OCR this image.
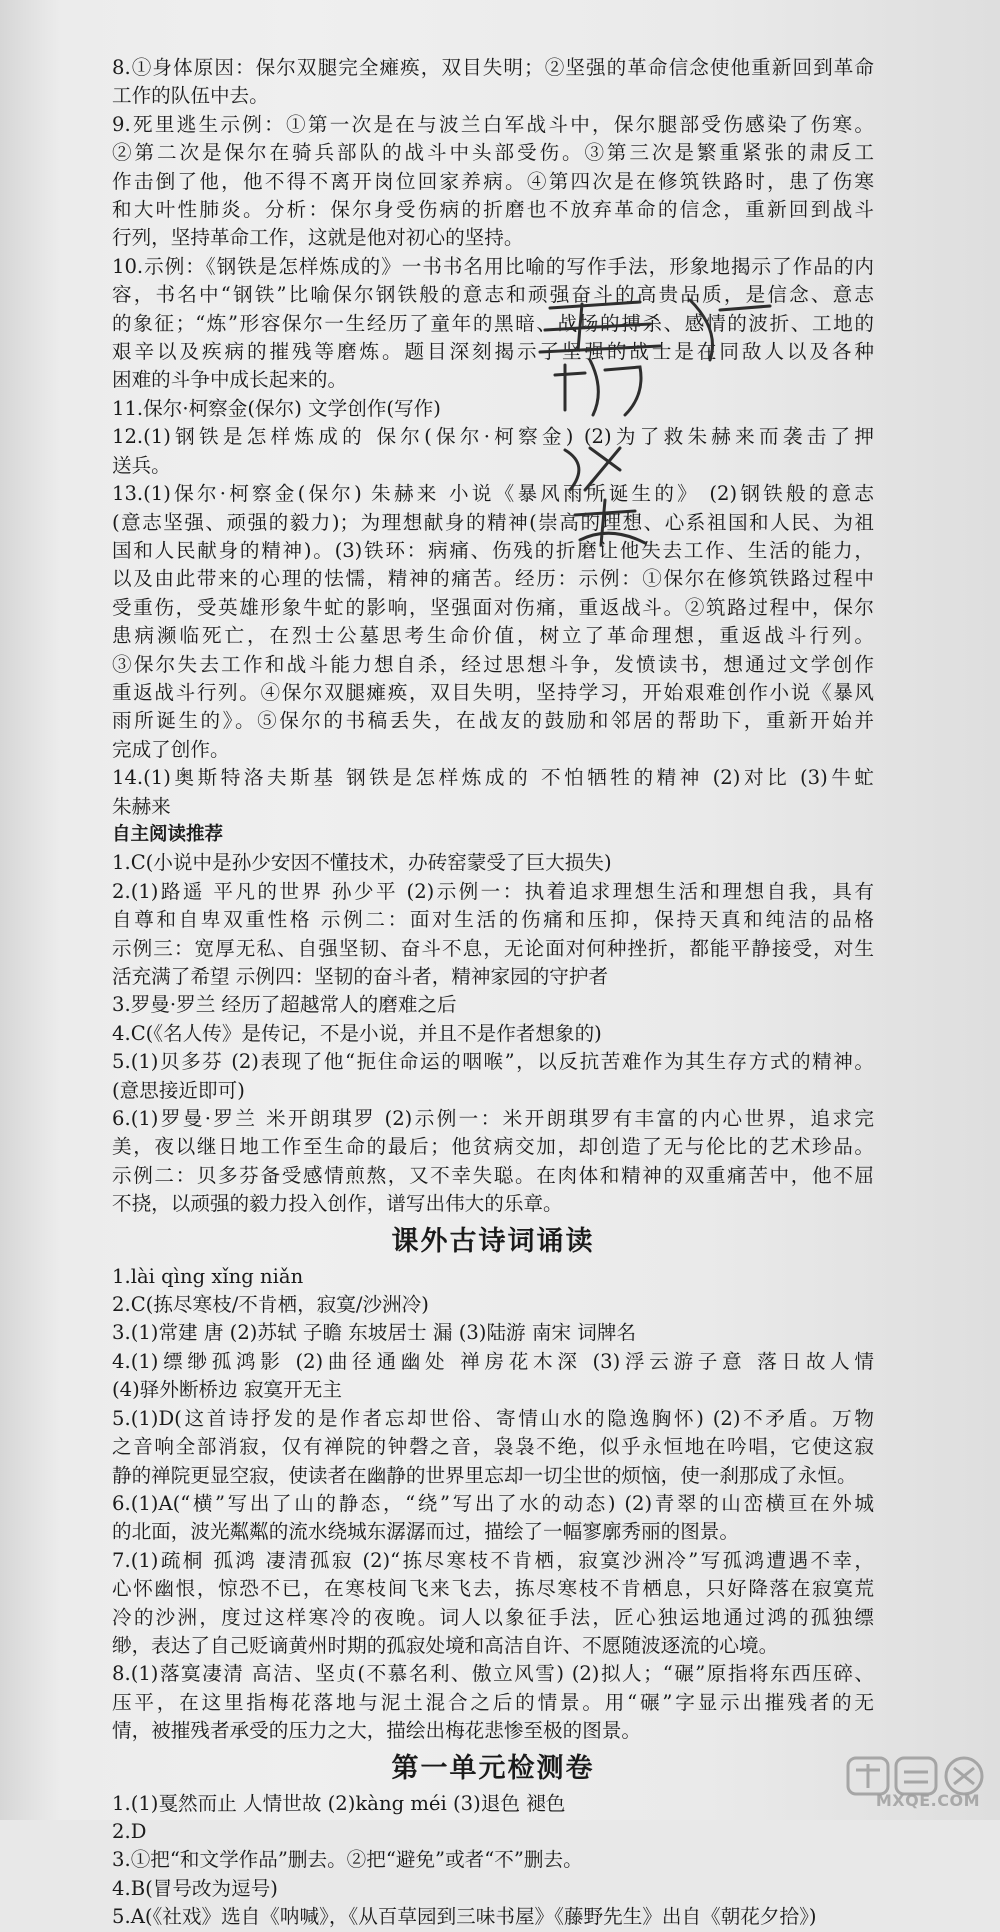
8.①身体原因：保尔双腿完全瘫痪，双目失明；②坚强的革命信念使他重新回到革命
工作的队伍中去。
9.死里逃生示例：①第一次是在与波兰白军战斗中，保尔腿部受伤感染了伤寒。
②第二次是保尔在骑兵部队的战斗中头部受伤。③第三次是繁重紧张的肃反工
作击倒了他，他不得不离开岗位回家养病。④第四次是在修筑铁路时，患了伤寒
和大叶性肺炎。分析：保尔身受伤病的折磨也不放弃革命的信念，重新回到战斗
行列，坚持革命工作，这就是他对初心的坚持。
10.示例：《钢铁是怎样炼成的》一书书名用比喻的写作手法，形象地揭示了作品的内
容，书名中“钢铁”比喻保尔钢铁般的意志和顽强奋斗的高贵品质，是信念、意志
的象征；“炼”形容保尔一生经历了童年的黑暗、战场的搏杀、感情的波折、工地的
艰辛以及疾病的摧残等磨炼。题目深刻揭示了坚强的战士是在同敌人以及各种
困难的斗争中成长起来的。
11.保尔·柯察金(保尔) 文学创作(写作)
12.(1)钢铁是怎样炼成的 保尔(保尔·柯察金) (2)为了救朱赫来而袭击了押
送兵。
13.(1)保尔·柯察金(保尔) 朱赫来 小说《暴风雨所诞生的》 (2)钢铁般的意志
(意志坚强、顽强的毅力)；为理想献身的精神(崇高的理想、心系祖国和人民、为祖
国和人民献身的精神)。(3)铁环：病痛、伤残的折磨让他失去工作、生活的能力，
以及由此带来的心理的怯懦，精神的痛苦。经历：示例：①保尔在修筑铁路过程中
受重伤，受英雄形象牛虻的影响，坚强面对伤痛，重返战斗。②筑路过程中，保尔
患病濒临死亡，在烈士公墓思考生命价值，树立了革命理想，重返战斗行列。
③保尔失去工作和战斗能力想自杀，经过思想斗争，发愤读书，想通过文学创作
重返战斗行列。④保尔双腿瘫痪，双目失明，坚持学习，开始艰难创作小说《暴风
雨所诞生的》。⑤保尔的书稿丢失，在战友的鼓励和邻居的帮助下，重新开始并
完成了创作。
14.(1)奥斯特洛夫斯基 钢铁是怎样炼成的 不怕牺牲的精神 (2)对比 (3)牛虻
朱赫来
自主阅读推荐
1.C(小说中是孙少安因不懂技术，办砖窑蒙受了巨大损失)
2.(1)路遥 平凡的世界 孙少平 (2)示例一：执着追求理想生活和理想自我，具有
自尊和自卑双重性格 示例二：面对生活的伤痛和压抑，保持天真和纯洁的品格
示例三：宽厚无私、自强坚韧、奋斗不息，无论面对何种挫折，都能平静接受，对生
活充满了希望 示例四：坚韧的奋斗者，精神家园的守护者
3.罗曼·罗兰 经历了超越常人的磨难之后
4.C(《名人传》是传记，不是小说，并且不是作者想象的)
5.(1)贝多芬 (2)表现了他“扼住命运的咽喉”，以反抗苦难作为其生存方式的精神。
(意思接近即可)
6.(1)罗曼·罗兰 米开朗琪罗 (2)示例一：米开朗琪罗有丰富的内心世界，追求完
美，夜以继日地工作至生命的最后；他贫病交加，却创造了无与伦比的艺术珍品。
示例二：贝多芬备受感情煎熬，又不幸失聪。在肉体和精神的双重痛苦中，他不屈
不挠，以顽强的毅力投入创作，谱写出伟大的乐章。
课外古诗词诵读
1.lài qìng xǐng niǎn
2.C(拣尽寒枝/不肯栖，寂寞/沙洲冷)
3.(1)常建 唐 (2)苏轼 子瞻 东坡居士 漏 (3)陆游 南宋 词牌名
4.(1)缥缈孤鸿影 (2)曲径通幽处 禅房花木深 (3)浮云游子意 落日故人情
(4)驿外断桥边 寂寞开无主
5.(1)D(这首诗抒发的是作者忘却世俗、寄情山水的隐逸胸怀) (2)不矛盾。万物
之音响全部消寂，仅有禅院的钟磬之音，袅袅不绝，似乎永恒地在吟唱，它使这寂
静的禅院更显空寂，使读者在幽静的世界里忘却一切尘世的烦恼，使一刹那成了永恒。
6.(1)A(“横”写出了山的静态，“绕”写出了水的动态) (2)青翠的山峦横亘在外城
的北面，波光粼粼的流水绕城东潺潺而过，描绘了一幅寥廓秀丽的图景。
7.(1)疏桐 孤鸿 凄清孤寂 (2)“拣尽寒枝不肯栖，寂寞沙洲冷”写孤鸿遭遇不幸，
心怀幽恨，惊恐不已，在寒枝间飞来飞去，拣尽寒枝不肯栖息，只好降落在寂寞荒
冷的沙洲，度过这样寒冷的夜晚。词人以象征手法，匠心独运地通过鸿的孤独缥
缈，表达了自己贬谪黄州时期的孤寂处境和高洁自许、不愿随波逐流的心境。
8.(1)落寞凄清 高洁、坚贞(不慕名利、傲立风雪) (2)拟人；“碾”原指将东西压碎、
压平，在这里指梅花落地与泥土混合之后的情景。用“碾”字显示出摧残者的无
情，被摧残者承受的压力之大，描绘出梅花悲惨至极的图景。
第一单元检测卷
1.(1)戛然而止 人情世故 (2)kàng méi (3)退色 褪色
2.D
3.①把“和文学作品”删去。②把“避免”或者“不”删去。
4.B(冒号改为逗号)
5.A(《社戏》选自《呐喊》，《从百草园到三味书屋》《藤野先生》出自《朝花夕拾》)
MXQE.COM
